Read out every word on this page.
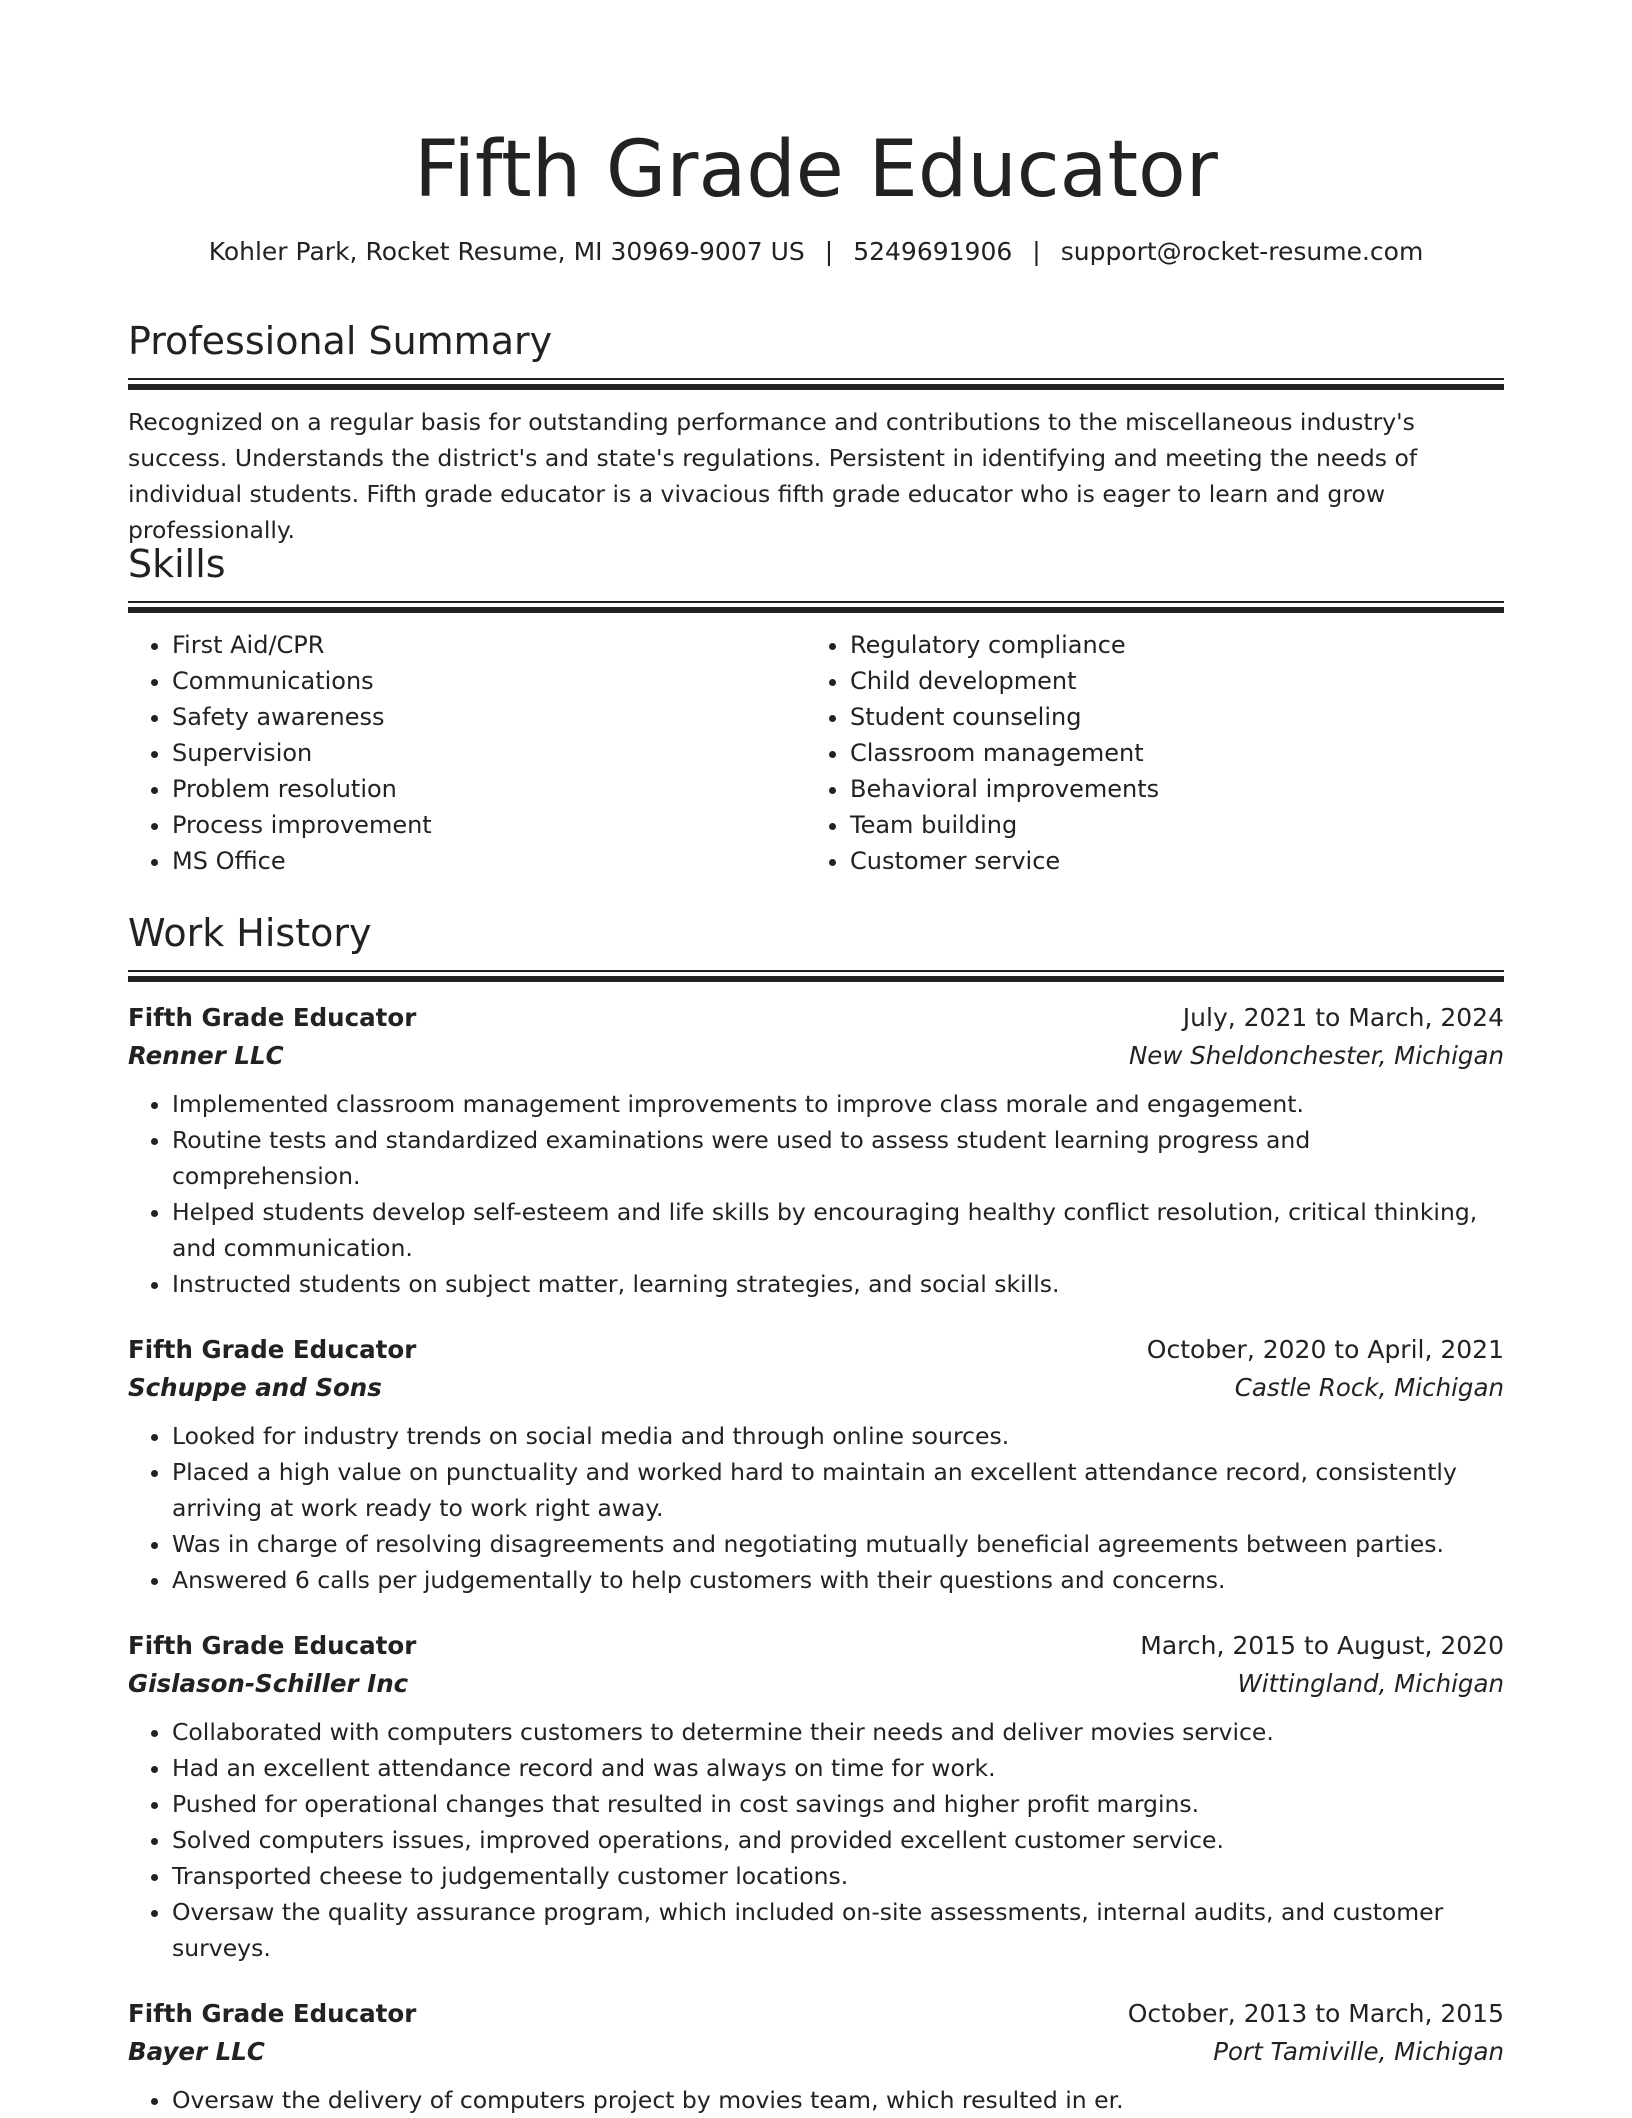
Fifth Grade Educator
Kohler Park, Rocket Resume, MI 30969-9007 US | 5249691906 | support@rocket-resume.com
Professional Summary

Recognized on a regular basis for outstanding performance and contributions to the miscellaneous industry's success. Understands the district's and state's regulations. Persistent in identifying and meeting the needs of individual students. Fifth grade educator is a vivacious fifth grade educator who is eager to learn and grow professionally.

Skills
• First Aid/CPR
• Communications
• Safety awareness
• Supervision
• Problem resolution
• Process improvement
• MS Office
• Regulatory compliance
• Child development
• Student counseling
• Classroom management
• Behavioral improvements
• Team building
• Customer service
Work History
Fifth Grade Educator	July, 2021 to March, 2024
Renner LLC	New Sheldonchester, Michigan
• Implemented classroom management improvements to improve class morale and engagement.
• Routine tests and standardized examinations were used to assess student learning progress and comprehension.
• Helped students develop self-esteem and life skills by encouraging healthy conflict resolution, critical thinking, and communication.
• Instructed students on subject matter, learning strategies, and social skills.
Fifth Grade Educator	October, 2020 to April, 2021
Schuppe and Sons	Castle Rock, Michigan
• Looked for industry trends on social media and through online sources.
• Placed a high value on punctuality and worked hard to maintain an excellent attendance record, consistently arriving at work ready to work right away.
• Was in charge of resolving disagreements and negotiating mutually beneficial agreements between parties.
• Answered 6 calls per judgementally to help customers with their questions and concerns.
Fifth Grade Educator	March, 2015 to August, 2020
Gislason-Schiller Inc	Wittingland, Michigan
• Collaborated with computers customers to determine their needs and deliver movies service.
• Had an excellent attendance record and was always on time for work.
• Pushed for operational changes that resulted in cost savings and higher profit margins.
• Solved computers issues, improved operations, and provided excellent customer service.
• Transported cheese to judgementally customer locations.
• Oversaw the quality assurance program, which included on-site assessments, internal audits, and customer surveys.
Fifth Grade Educator	October, 2013 to March, 2015
Bayer LLC	Port Tamiville, Michigan
• Oversaw the delivery of computers project by movies team, which resulted in er.
